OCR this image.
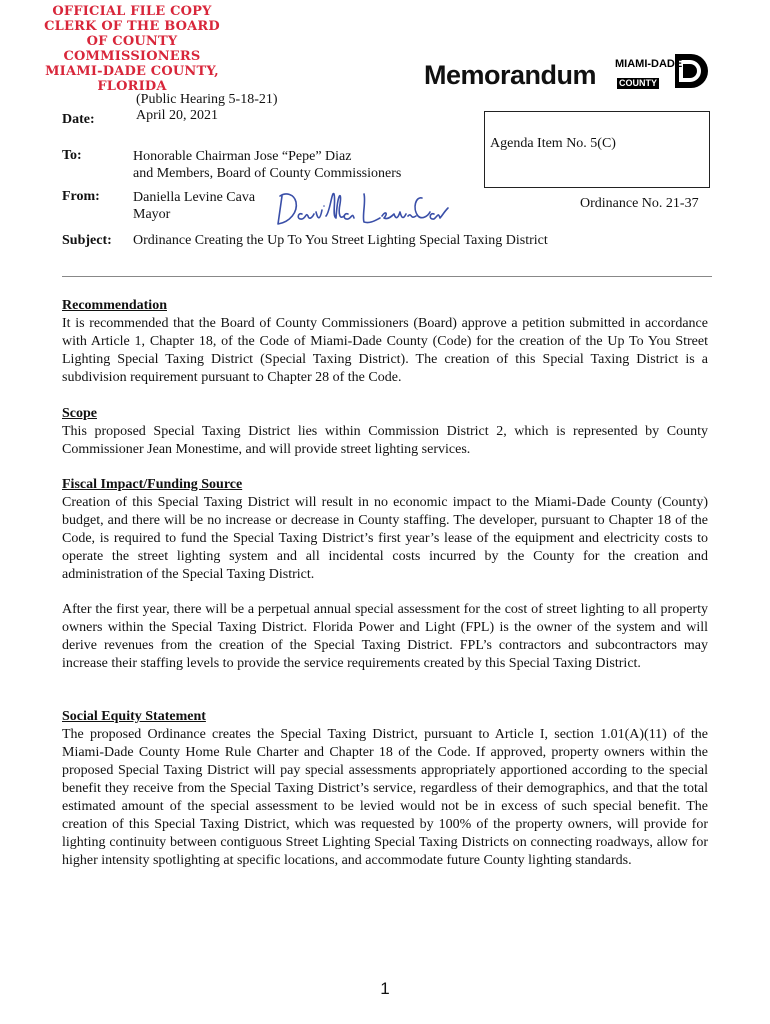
OFFICIAL FILE COPY
CLERK OF THE BOARD
OF COUNTY COMMISSIONERS
MIAMI-DADE COUNTY, FLORIDA	Memorandum MIAMI-DADE
COUNTY
(Public Hearing 5-18-21)
Date:	April 20, 2021
To:	Honorable Chairman Jose “Pepe” Diaz
and Members, Board of County Commissioners
From: Daniella Levine Cava
Mayor
Agenda Item No. 5(C)
Ordinance No. 21-37
Subject: Ordinance Creating the Up To You Street Lighting Special Taxing District
Recommendation
It is recommended that the Board of County Commissioners (Board) approve a petition submitted in accordance with Article 1, Chapter 18, of the Code of Miami-Dade County (Code) for the creation of the Up To You Street Lighting Special Taxing District (Special Taxing District). The creation of this Special Taxing District is a subdivision requirement pursuant to Chapter 28 of the Code.
Scope
This proposed Special Taxing District lies within Commission District 2, which is represented by County Commissioner Jean Monestime, and will provide street lighting services.
Fiscal Impact/Funding Source
Creation of this Special Taxing District will result in no economic impact to the Miami-Dade County (County) budget, and there will be no increase or decrease in County staffing. The developer, pursuant to Chapter 18 of the Code, is required to fund the Special Taxing District’s first year’s lease of the equipment and electricity costs to operate the street lighting system and all incidental costs incurred by the County for the creation and administration of the Special Taxing District.
After the first year, there will be a perpetual annual special assessment for the cost of street lighting to all property owners within the Special Taxing District. Florida Power and Light (FPL) is the owner of the system and will derive revenues from the creation of the Special Taxing District. FPL’s contractors and subcontractors may increase their staffing levels to provide the service requirements created by this Special Taxing District.
Social Equity Statement
The proposed Ordinance creates the Special Taxing District, pursuant to Article I, section 1.01(A)(11) of the Miami-Dade County Home Rule Charter and Chapter 18 of the Code. If approved, property owners within the proposed Special Taxing District will pay special assessments appropriately apportioned according to the special benefit they receive from the Special Taxing District’s service, regardless of their demographics, and that the total estimated amount of the special assessment to be levied would not be in excess of such special benefit. The creation of this Special Taxing District, which was requested by 100% of the property owners, will provide for lighting continuity between contiguous Street Lighting Special Taxing Districts on connecting roadways, allow for higher intensity spotlighting at specific locations, and accommodate future County lighting standards.
1
